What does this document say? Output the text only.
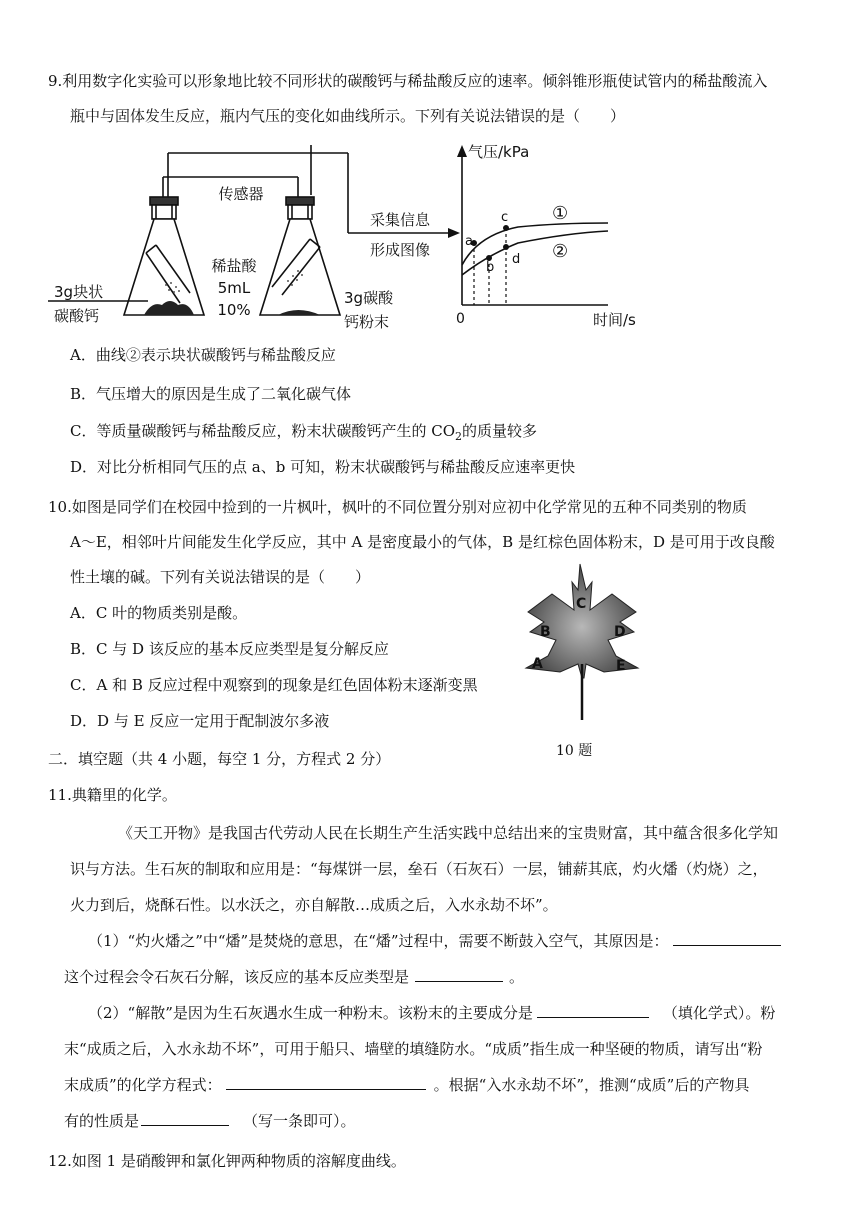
9.利用数字化实验可以形象地比较不同形状的碳酸钙与稀盐酸反应的速率。倾斜锥形瓶使试管内的稀盐酸流入
瓶中与固体发生反应，瓶内气压的变化如曲线所示。下列有关说法错误的是（　　）
传感器
稀盐酸
5mL
10%
3g块状
碳酸钙
3g碳酸
钙粉末
采集信息
形成图像
气压/kPa
0	时间/s
a
b
c
d
①
②
A．曲线②表示块状碳酸钙与稀盐酸反应
B．气压增大的原因是生成了二氧化碳气体
C．等质量碳酸钙与稀盐酸反应，粉末状碳酸钙产生的 $CO_2$的质量较多
D．对比分析相同气压的点 a、b 可知，粉末状碳酸钙与稀盐酸反应速率更快
10.如图是同学们在校园中捡到的一片枫叶，枫叶的不同位置分别对应初中化学常见的五种不同类别的物质
A～E，相邻叶片间能发生化学反应，其中 A 是密度最小的气体，B 是红棕色固体粉末，D 是可用于改良酸
性土壤的碱。下列有关说法错误的是（　　）
A．C 叶的物质类别是酸。
B．C 与 D 该反应的基本反应类型是复分解反应
C．A 和 B 反应过程中观察到的现象是红色固体粉末逐渐变黑
D．D 与 E 反应一定用于配制波尔多液
C
B	D
A	E
10 题
二．填空题（共 4 小题，每空 1 分，方程式 2 分）
11.典籍里的化学。
《天工开物》是我国古代劳动人民在长期生产生活实践中总结出来的宝贵财富，其中蕴含很多化学知
识与方法。生石灰的制取和应用是：“每煤饼一层，垒石（石灰石）一层，铺薪其底，灼火燔（灼烧）之，
火力到后，烧酥石性。以水沃之，亦自解散…成质之后，入水永劫不坏”。
（1）“灼火燔之”中“燔”是焚烧的意思，在“燔”过程中，需要不断鼓入空气，其原因是：
这个过程会令石灰石分解，该反应的基本反应类型是	。
（2）“解散”是因为生石灰遇水生成一种粉末。该粉末的主要成分是	（填化学式）。粉
末“成质之后，入水永劫不坏”，可用于船只、墙壁的填缝防水。“成质”指生成一种坚硬的物质，请写出“粉
末成质”的化学方程式：	。根据“入水永劫不坏”，推测“成质”后的产物具
有的性质是	（写一条即可）。
12.如图 1 是硝酸钾和氯化钾两种物质的溶解度曲线。
